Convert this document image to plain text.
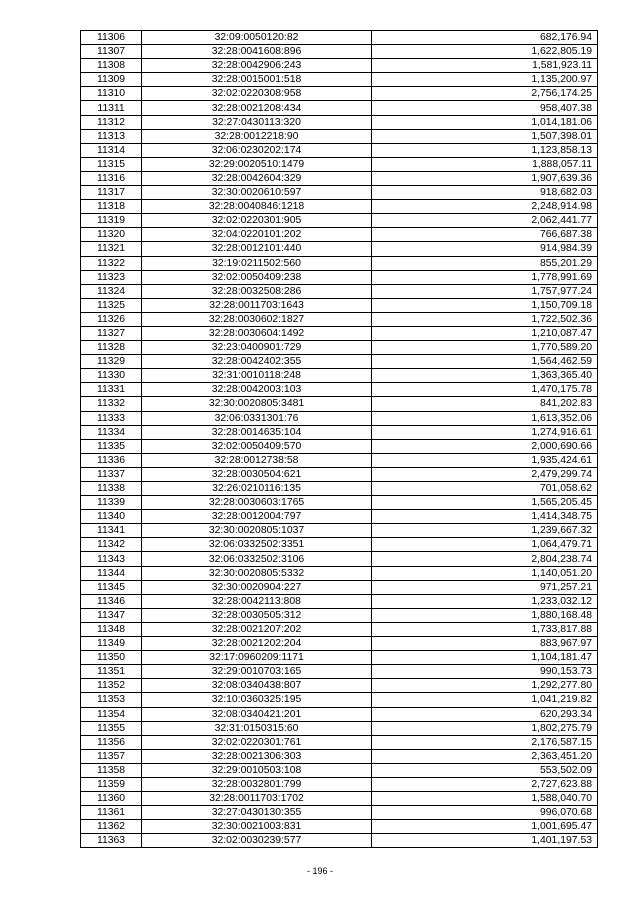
11306	32:09:0050120:82	682,176.94
11307	32:28:0041608:896	1,622,805.19
11308	32:28:0042906:243	1,581,923.11
11309	32:28:0015001:518	1,135,200.97
11310	32:02:0220308:958	2,756,174.25
11311	32:28:0021208:434	958,407.38
11312	32:27:0430113:320	1,014,181.06
11313	32:28:0012218:90	1,507,398.01
11314	32:06:0230202:174	1,123,858.13
11315	32:29:0020510:1479	1,888,057.11
11316	32:28:0042604:329	1,907,639.36
11317	32:30:0020610:597	918,682.03
11318	32:28:0040846:1218	2,248,914.98
11319	32:02:0220301:905	2,062,441.77
11320	32:04:0220101:202	766,687.38
11321	32:28:0012101:440	914,984.39
11322	32:19:0211502:560	855,201.29
11323	32:02:0050409:238	1,778,991.69
11324	32:28:0032508:286	1,757,977.24
11325	32:28:0011703:1643	1,150,709.18
11326	32:28:0030602:1827	1,722,502.36
11327	32:28:0030604:1492	1,210,087.47
11328	32:23:0400901:729	1,770,589.20
11329	32:28:0042402:355	1,564,462.59
11330	32:31:0010118:248	1,363,365.40
11331	32:28:0042003:103	1,470,175.78
11332	32:30:0020805:3481	841,202.83
11333	32:06:0331301:76	1,613,352.06
11334	32:28:0014635:104	1,274,916.61
11335	32:02:0050409:570	2,000,690.66
11336	32:28:0012738:58	1,935,424.61
11337	32:28:0030504:621	2,479,299.74
11338	32:26:0210116:135	701,058.62
11339	32:28:0030603:1765	1,565,205.45
11340	32:28:0012004:797	1,414,348.75
11341	32:30:0020805:1037	1,239,667.32
11342	32:06:0332502:3351	1,064,479.71
11343	32:06:0332502:3106	2,804,238.74
11344	32:30:0020805:5332	1,140,051.20
11345	32:30:0020904:227	971,257.21
11346	32:28:0042113:808	1,233,032.12
11347	32:28:0030505:312	1,880,168.48
11348	32:28:0021207:202	1,733,817.88
11349	32:28:0021202:204	883,967.97
11350	32:17:0960209:1171	1,104,181.47
11351	32:29:0010703:165	990,153.73
11352	32:08:0340438:807	1,292,277.80
11353	32:10:0360325:195	1,041,219.82
11354	32:08:0340421:201	620,293.34
11355	32:31:0150315:60	1,802,275.79
11356	32:02:0220301:761	2,176,587.15
11357	32:28:0021306:303	2,363,451.20
11358	32:29:0010503:108	553,502.09
11359	32:28:0032801:799	2,727,623.88
11360	32:28:0011703:1702	1,588,040.70
11361	32:27:0430130:355	996,070.68
11362	32:30:0021003:831	1,001,695.47
11363	32:02:0030239:577	1,401,197.53
- 196 -
